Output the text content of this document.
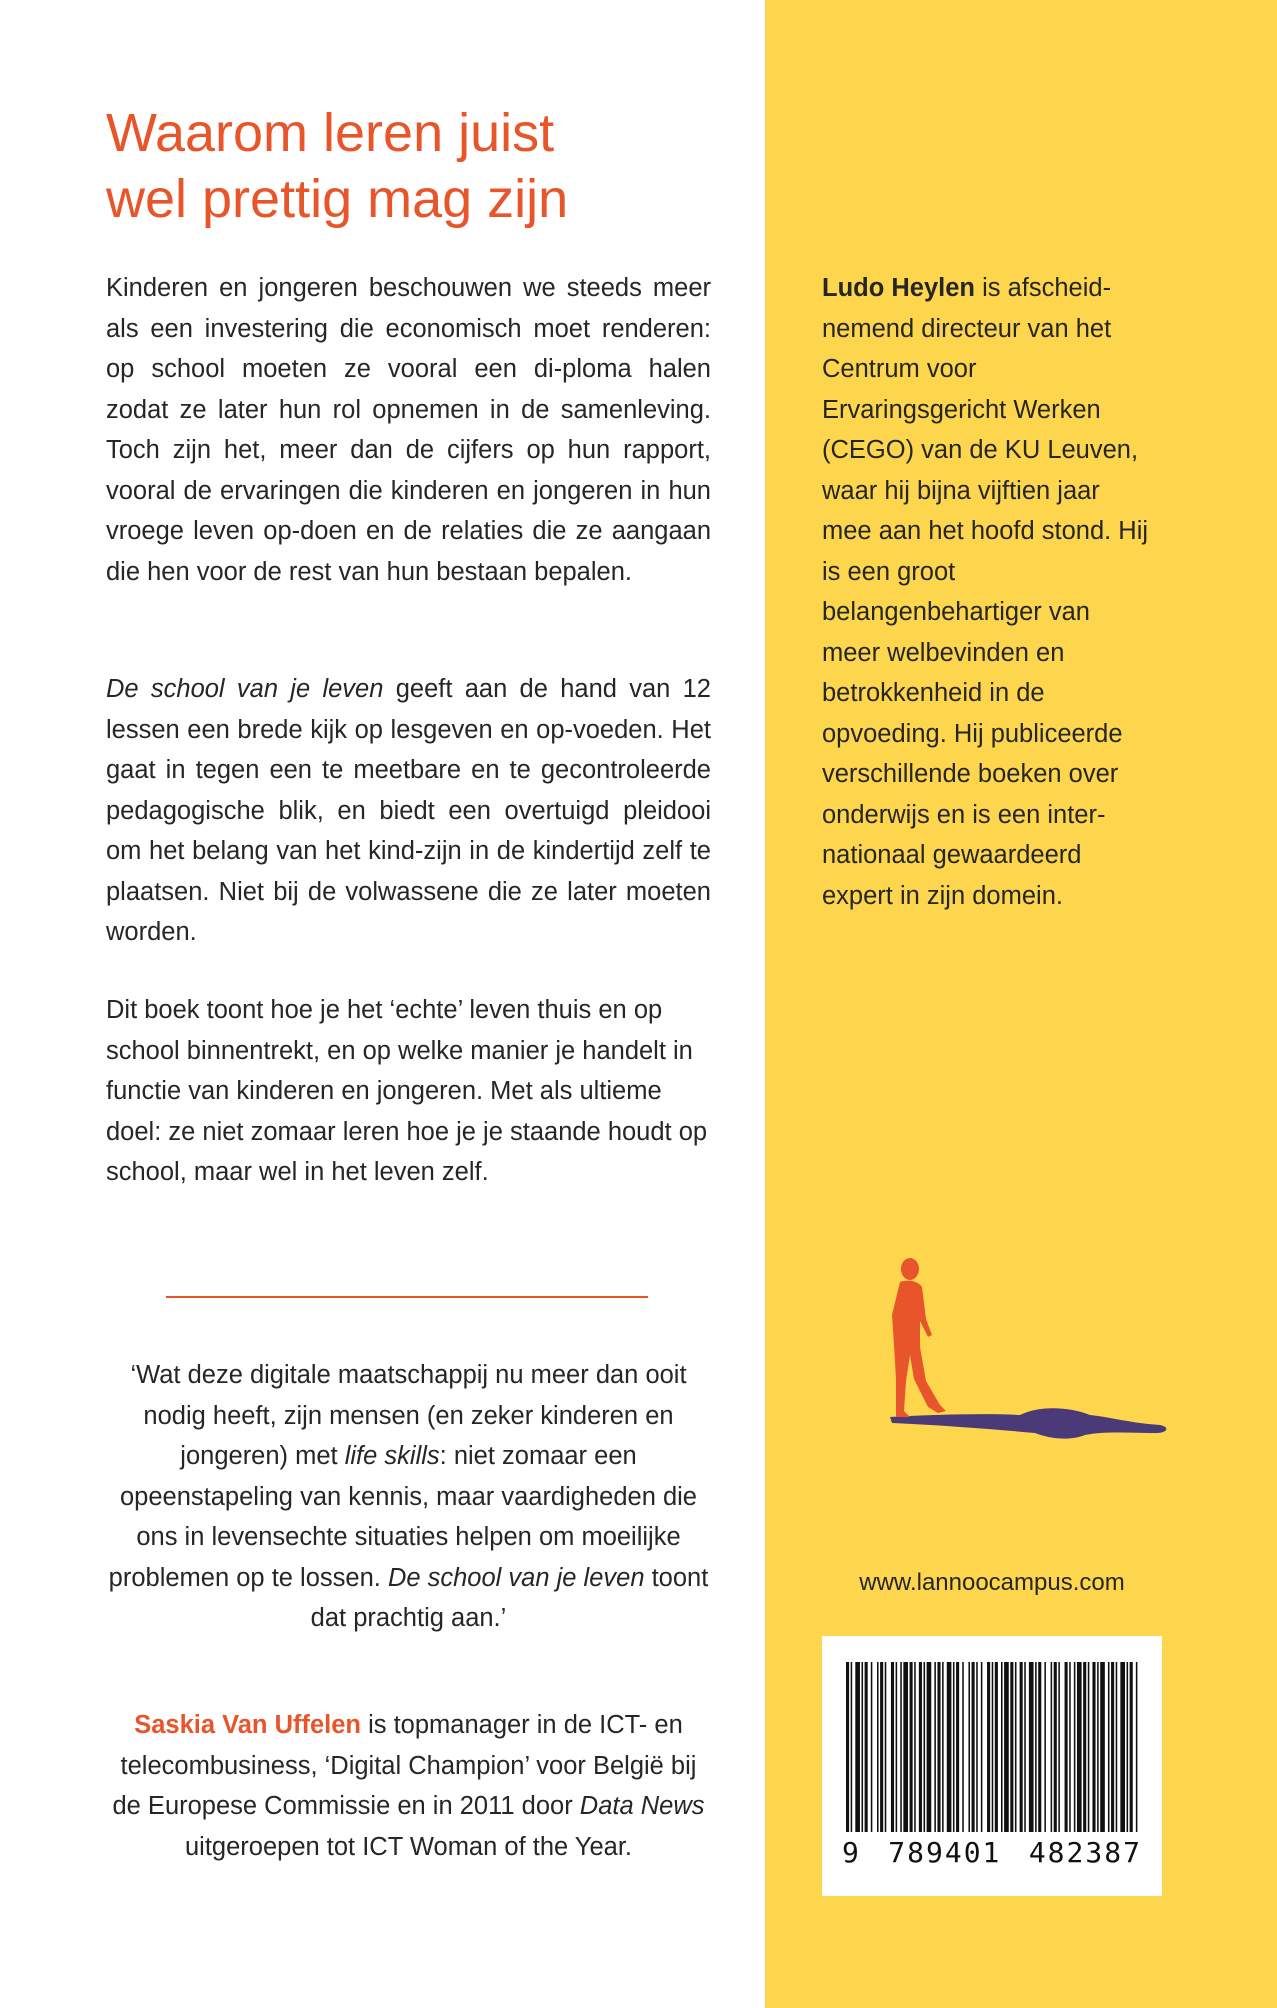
Waarom leren juist
wel prettig mag zijn

Kinderen en jongeren beschouwen we steeds meer als een investering die economisch moet renderen: op school moeten ze vooral een di-ploma halen zodat ze later hun rol opnemen in de samenleving. Toch zijn het, meer dan de cijfers op hun rapport, vooral de ervaringen die kinderen en jongeren in hun vroege leven op-doen en de relaties die ze aangaan die hen voor de rest van hun bestaan bepalen.

De school van je leven geeft aan de hand van 12 lessen een brede kijk op lesgeven en op-voeden. Het gaat in tegen een te meetbare en te gecontroleerde pedagogische blik, en biedt een overtuigd pleidooi om het belang van het kind-zijn in de kindertijd zelf te plaatsen. Niet bij de volwassene die ze later moeten worden.

Dit boek toont hoe je het ‘echte’ leven thuis en op school binnentrekt, en op welke manier je handelt in functie van kinderen en jongeren. Met als ultieme doel: ze niet zomaar leren hoe je je staande houdt op school, maar wel in het leven zelf.

‘Wat deze digitale maatschappij nu meer dan ooit nodig heeft, zijn mensen (en zeker kinderen en jongeren) met life skills: niet zomaar een opeenstapeling van kennis, maar vaardigheden die ons in levensechte situaties helpen om moeilijke problemen op te lossen. De school van je leven toont dat prachtig aan.’

Saskia Van Uffelen is topmanager in de ICT- en telecombusiness, ‘Digital Champion’ voor België bij de Europese Commissie en in 2011 door Data News uitgeroepen tot ICT Woman of the Year.

Ludo Heylen is afscheid-nemend directeur van het Centrum voor Ervaringsgericht Werken (CEGO) van de KU Leuven, waar hij bijna vijftien jaar mee aan het hoofd stond. Hij is een groot belangenbehartiger van meer welbevinden en betrokkenheid in de opvoeding. Hij publiceerde verschillende boeken over onderwijs en is een inter-nationaal gewaardeerd expert in zijn domein.

www.lannoocampus.com
9 789401 482387
